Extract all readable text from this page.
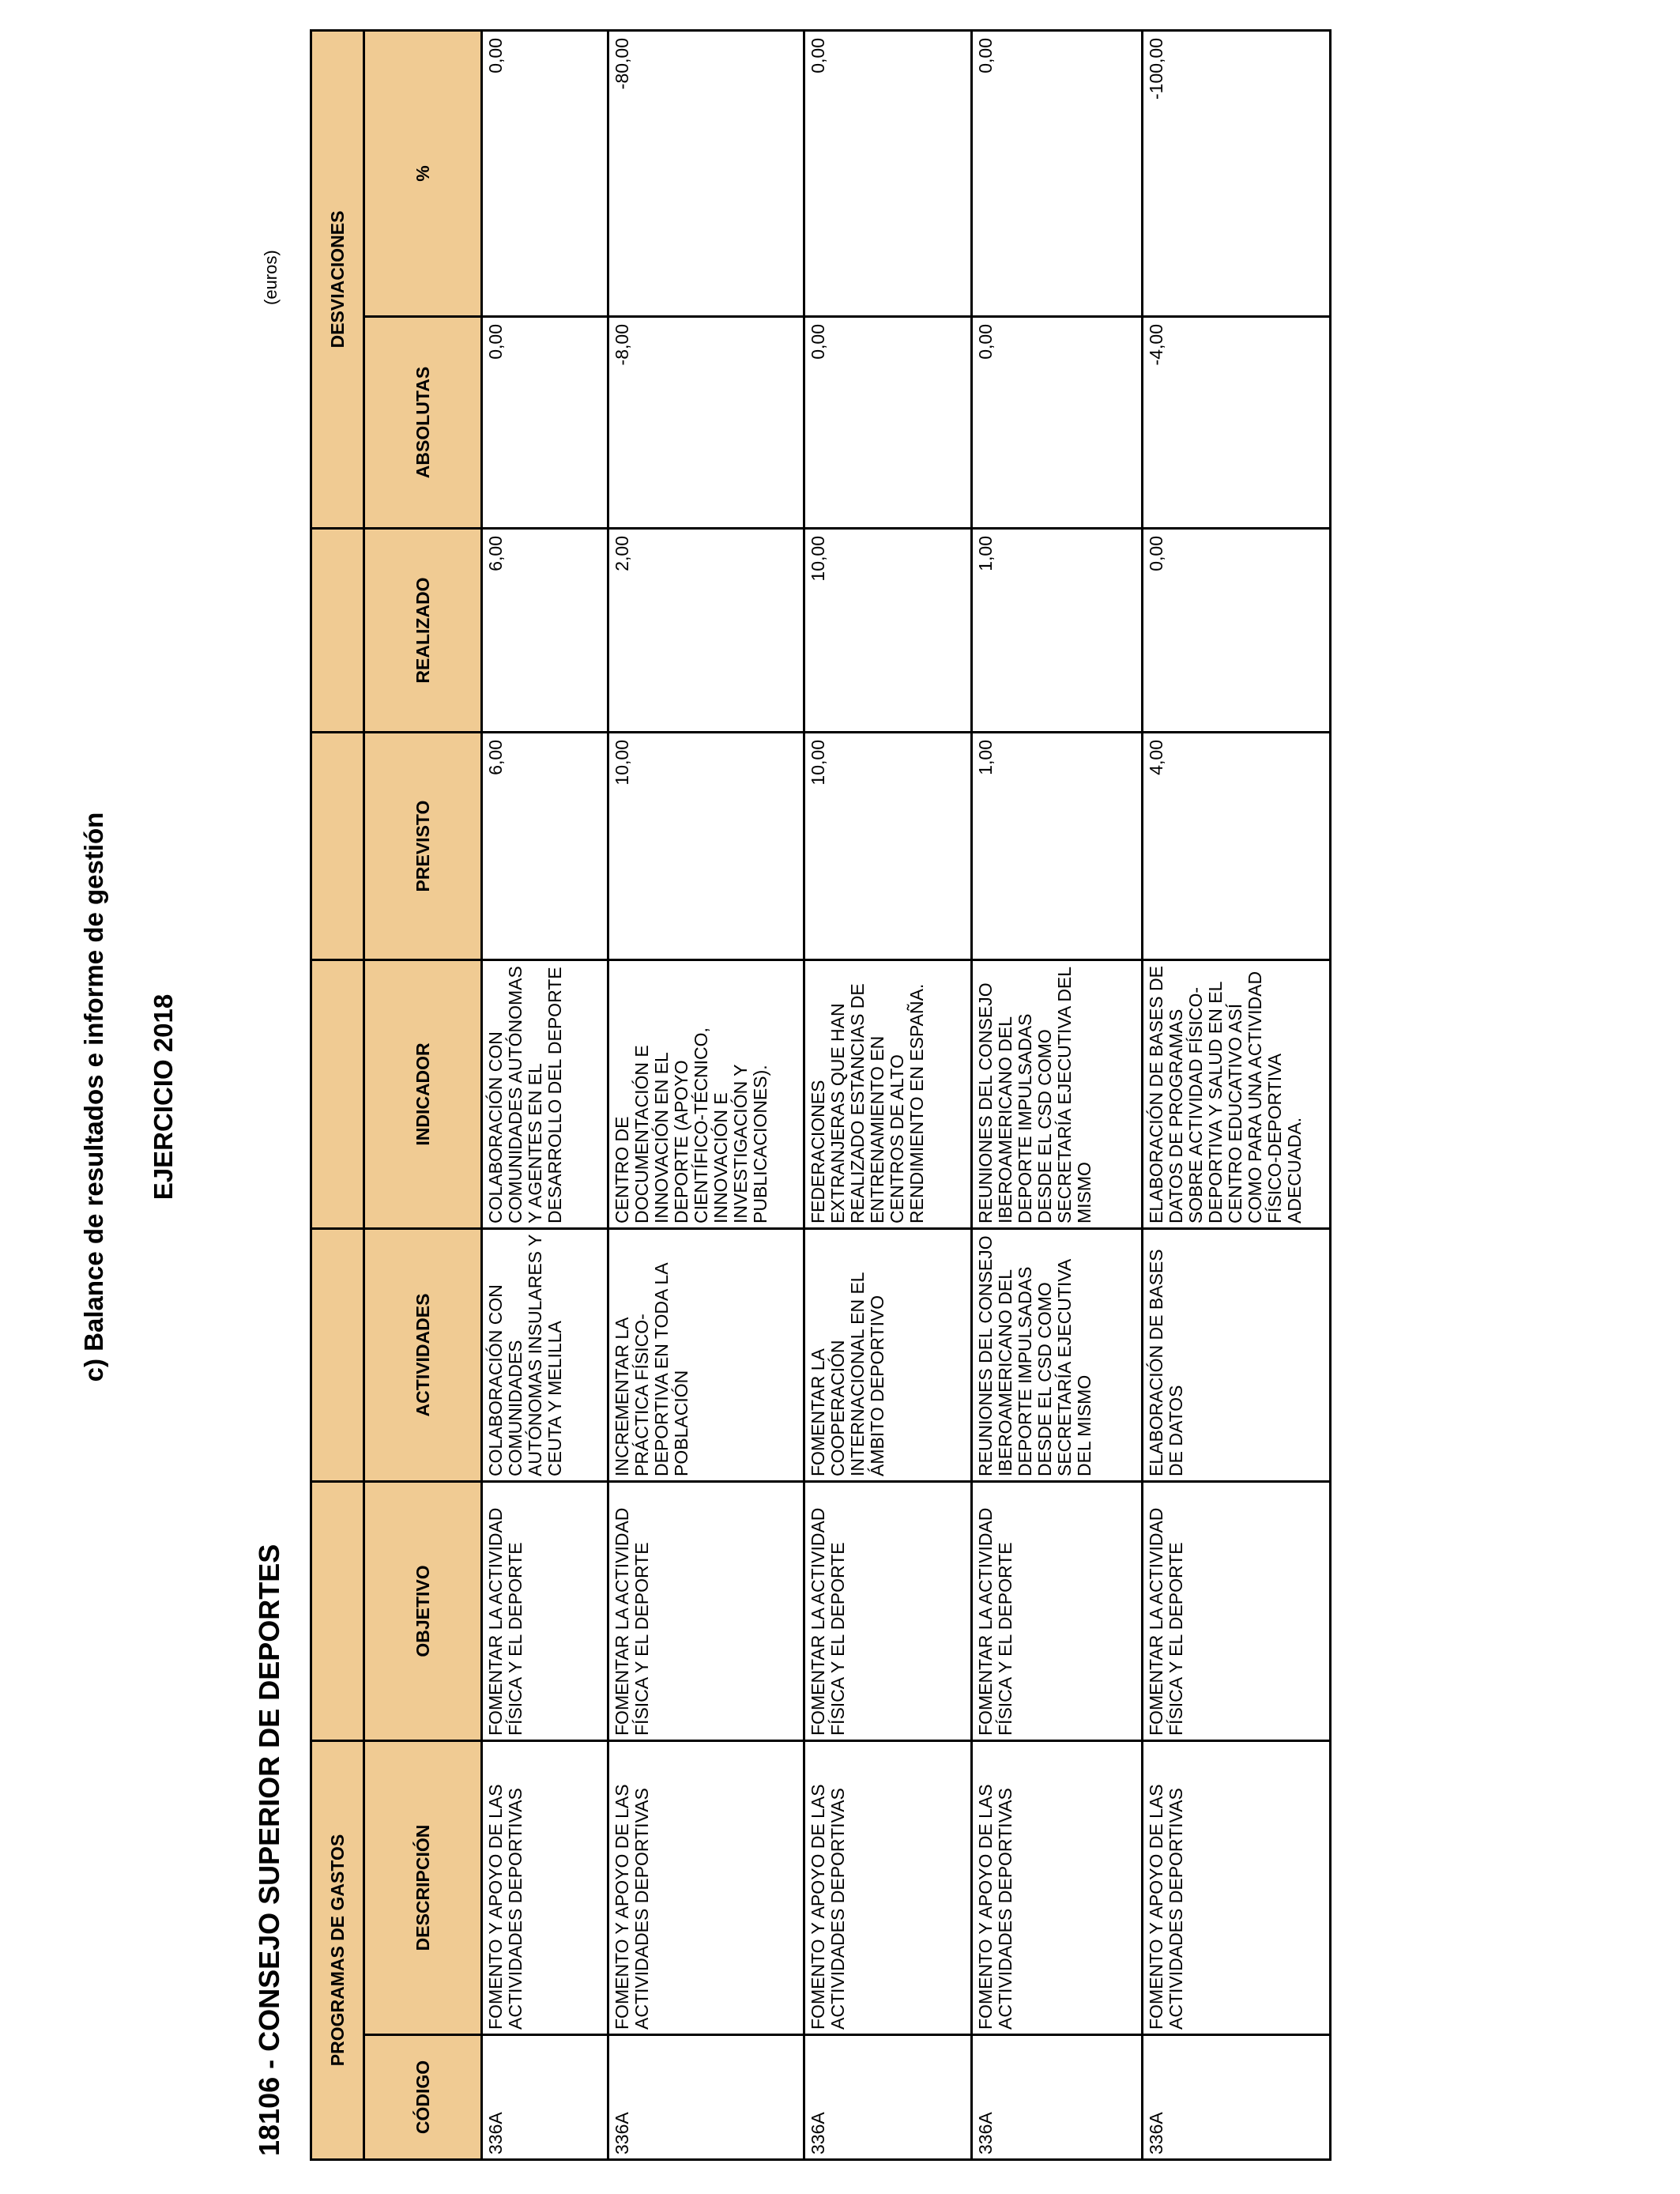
c) Balance de resultados e informe de gestión EJERCICIO 2018
18106 - CONSEJO SUPERIOR DE DEPORTES
(euros)
PROGRAMAS DE GASTOS							DESVIACIONES	
CÓDIGO	DESCRIPCIÓN	OBJETIVO	ACTIVIDADES	INDICADOR	PREVISTO	REALIZADO	ABSOLUTAS	%

336A	FOMENTO Y APOYO DE LAS ACTIVIDADES DEPORTIVAS	FOMENTAR LA ACTIVIDAD FÍSICA Y EL DEPORTE	COLABORACIÓN CON COMUNIDADES AUTÓNOMAS INSULARES Y CEUTA Y MELILLA	COLABORACIÓN CON COMUNIDADES AUTÓNOMAS Y AGENTES EN EL DESARROLLO DEL DEPORTE	6,00	6,00	0,00	0,00

336A	FOMENTO Y APOYO DE LAS ACTIVIDADES DEPORTIVAS	FOMENTAR LA ACTIVIDAD FÍSICA Y EL DEPORTE	INCREMENTAR LA PRÁCTICA FÍSICO-DEPORTIVA EN TODA LA POBLACIÓN	CENTRO DE DOCUMENTACIÓN E INNOVACIÓN EN EL DEPORTE (APOYO CIENTÍFICO-TÉCNICO, INNOVACIÓN E INVESTIGACIÓN Y PUBLICACIONES).	10,00	2,00	-8,00	-80,00

336A	FOMENTO Y APOYO DE LAS ACTIVIDADES DEPORTIVAS	FOMENTAR LA ACTIVIDAD FÍSICA Y EL DEPORTE	FOMENTAR LA COOPERACIÓN INTERNACIONAL EN EL ÁMBITO DEPORTIVO	FEDERACIONES EXTRANJERAS QUE HAN REALIZADO ESTANCIAS DE ENTRENAMIENTO EN CENTROS DE ALTO RENDIMIENTO EN ESPAÑA.	10,00	10,00	0,00	0,00

336A	FOMENTO Y APOYO DE LAS ACTIVIDADES DEPORTIVAS	FOMENTAR LA ACTIVIDAD FÍSICA Y EL DEPORTE	REUNIONES DEL CONSEJO IBEROAMERICANO DEL DEPORTE IMPULSADAS DESDE EL CSD COMO SECRETARÍA EJECUTIVA DEL MISMO	REUNIONES DEL CONSEJO IBEROAMERICANO DEL DEPORTE IMPULSADAS DESDE EL CSD COMO SECRETARÍA EJECUTIVA DEL MISMO	1,00	1,00	0,00	0,00

336A	FOMENTO Y APOYO DE LAS ACTIVIDADES DEPORTIVAS	FOMENTAR LA ACTIVIDAD FÍSICA Y EL DEPORTE	ELABORACIÓN DE BASES DE DATOS	ELABORACIÓN DE BASES DE DATOS DE PROGRAMAS SOBRE ACTIVIDAD FÍSICO-DEPORTIVA Y SALUD EN EL CENTRO EDUCATIVO ASÍ COMO PARA UNA ACTIVIDAD FÍSICO-DEPORTIVA ADECUADA.	4,00	0,00	-4,00	-100,00
